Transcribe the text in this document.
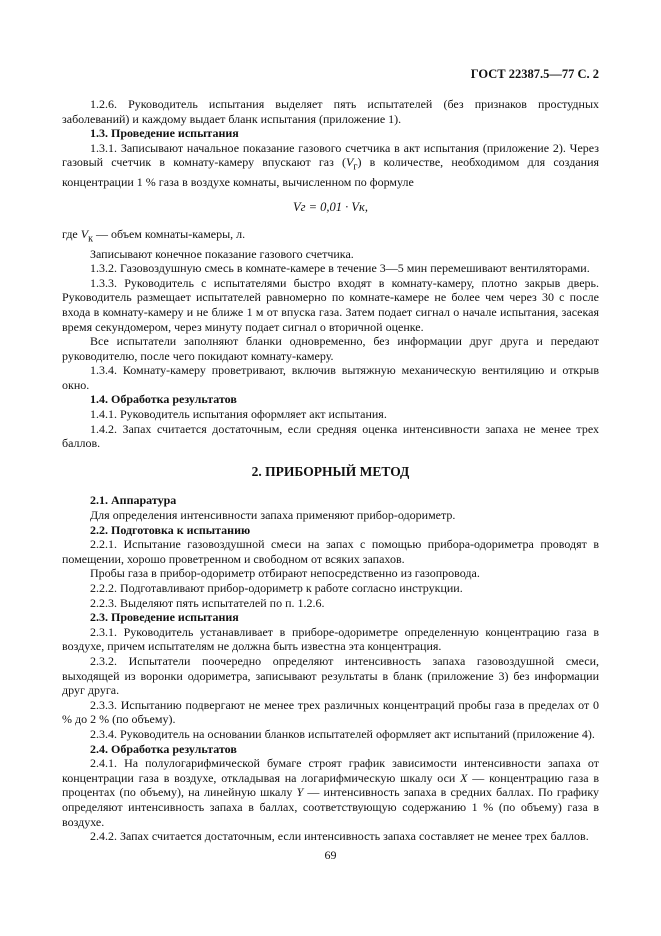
ГОСТ 22387.5—77 С. 2

1.2.6. Руководитель испытания выделяет пять испытателей (без признаков простудных заболеваний) и каждому выдает бланк испытания (приложение 1).

1.3. Проведение испытания

1.3.1. Записывают начальное показание газового счетчика в акт испытания (приложение 2). Через газовый счетчик в комнату-камеру впускают газ $(V_г)$ в количестве, необходимом для создания концентрации 1 % газа в воздухе комнаты, вычисленном по формуле

Vг = 0,01 · Vк,

где $V_к$ — объем комнаты-камеры, л.

Записывают конечное показание газового счетчика.

1.3.2. Газовоздушную смесь в комнате-камере в течение 3—5 мин перемешивают вентиляторами.

1.3.3. Руководитель с испытателями быстро входят в комнату-камеру, плотно закрыв дверь. Руководитель размещает испытателей равномерно по комнате-камере не более чем через 30 с после входа в комнату-камеру и не ближе 1 м от впуска газа. Затем подает сигнал о начале испытания, засекая время секундомером, через минуту подает сигнал о вторичной оценке.

Все испытатели заполняют бланки одновременно, без информации друг друга и передают руководителю, после чего покидают комнату-камеру.

1.3.4. Комнату-камеру проветривают, включив вытяжную механическую вентиляцию и открыв окно.

1.4. Обработка результатов

1.4.1. Руководитель испытания оформляет акт испытания.

1.4.2. Запах считается достаточным, если средняя оценка интенсивности запаха не менее трех баллов.

2. ПРИБОРНЫЙ МЕТОД

2.1. Аппаратура

Для определения интенсивности запаха применяют прибор-одориметр.

2.2. Подготовка к испытанию

2.2.1. Испытание газовоздушной смеси на запах с помощью прибора-одориметра проводят в помещении, хорошо проветренном и свободном от всяких запахов.

Пробы газа в прибор-одориметр отбирают непосредственно из газопровода.

2.2.2. Подготавливают прибор-одориметр к работе согласно инструкции.

2.2.3. Выделяют пять испытателей по п. 1.2.6.

2.3. Проведение испытания

2.3.1. Руководитель устанавливает в приборе-одориметре определенную концентрацию газа в воздухе, причем испытателям не должна быть известна эта концентрация.

2.3.2. Испытатели поочередно определяют интенсивность запаха газовоздушной смеси, выходящей из воронки одориметра, записывают результаты в бланк (приложение 3) без информации друг друга.

2.3.3. Испытанию подвергают не менее трех различных концентраций пробы газа в пределах от 0 % до 2 % (по объему).

2.3.4. Руководитель на основании бланков испытателей оформляет акт испытаний (приложение 4).

2.4. Обработка результатов

2.4.1. На полулогарифмической бумаге строят график зависимости интенсивности запаха от концентрации газа в воздухе, откладывая на логарифмическую шкалу оси X — концентрацию газа в процентах (по объему), на линейную шкалу Y — интенсивность запаха в средних баллах. По графику определяют интенсивность запаха в баллах, соответствующую содержанию 1 % (по объему) газа в воздухе.

2.4.2. Запах считается достаточным, если интенсивность запаха составляет не менее трех баллов.

69
